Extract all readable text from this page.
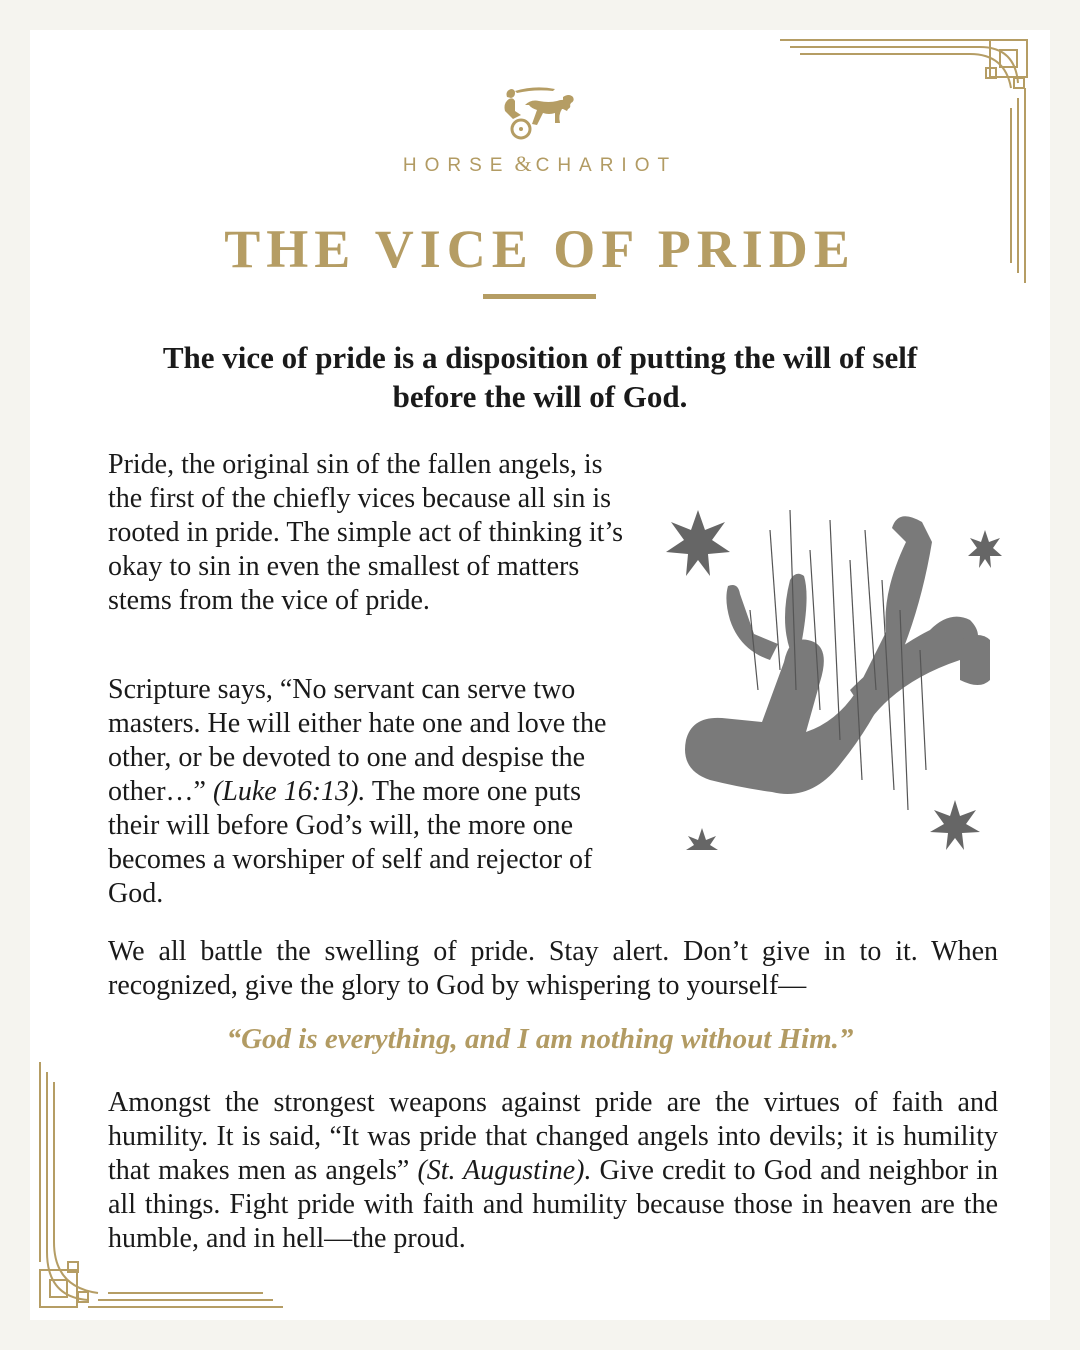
HORSE & CHARIOT
THE VICE OF PRIDE

The vice of pride is a disposition of putting the will of self before the will of God.

Pride, the original sin of the fallen angels, is the first of the chiefly vices because all sin is rooted in pride. The simple act of thinking it’s okay to sin in even the smallest of matters stems from the vice of pride.

Scripture says, “No servant can serve two masters. He will either hate one and love the other, or be devoted to one and despise the other…” (Luke 16:13). The more one puts their will before God’s will, the more one becomes a worshiper of self and rejector of God.

We all battle the swelling of pride. Stay alert. Don’t give in to it. When recognized, give the glory to God by whispering to yourself—

“God is everything, and I am nothing without Him.”

Amongst the strongest weapons against pride are the virtues of faith and humility. It is said, “It was pride that changed angels into devils; it is humility that makes men as angels” (St. Augustine). Give credit to God and neighbor in all things. Fight pride with faith and humility because those in heaven are the humble, and in hell—the proud.
